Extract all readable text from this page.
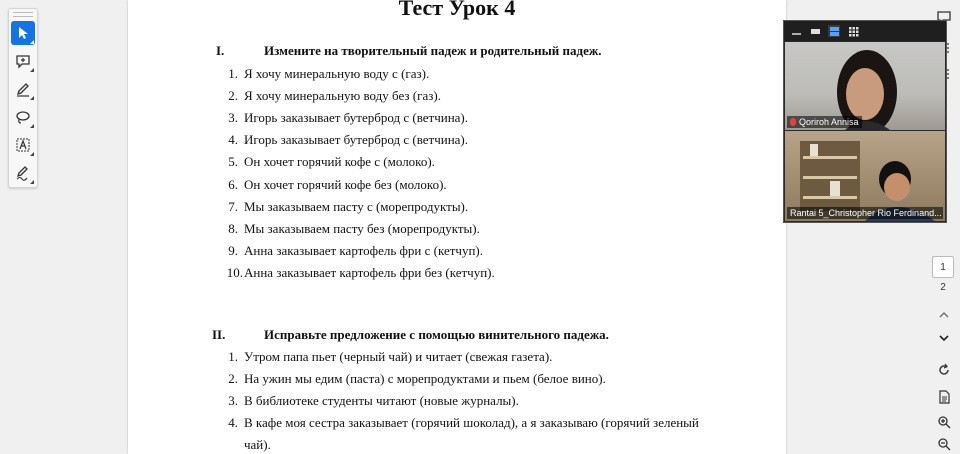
Тест Урок 4
I.	Измените на творительный падеж и родительный падеж.
1. Я хочу минеральную воду с (газ).
2. Я хочу минеральную воду без (газ).
3. Игорь заказывает бутерброд с (ветчина).
4. Игорь заказывает бутерброд с (ветчина).
5. Он хочет горячий кофе с (молоко).
6. Он хочет горячий кофе без (молоко).
7. Мы заказываем пасту с (морепродукты).
8. Мы заказываем пасту без (морепродукты).
9. Анна заказывает картофель фри с (кетчуп).
10. Анна заказывает картофель фри без (кетчуп).
II.	Исправьте предложение с помощью винительного падежа.
1. Утром папа пьет (черный чай) и читает (свежая газета).
2. На ужин мы едим (паста) с морепродуктами и пьем (белое вино).
3. В библиотеке студенты читают (новые журналы).
4. В кафе моя сестра заказывает (горячий шоколад), а я заказываю (горячий зеленый
чай).
1
2
Qoriroh Annisa
Rantai 5_Christopher Rio Ferdinand...
